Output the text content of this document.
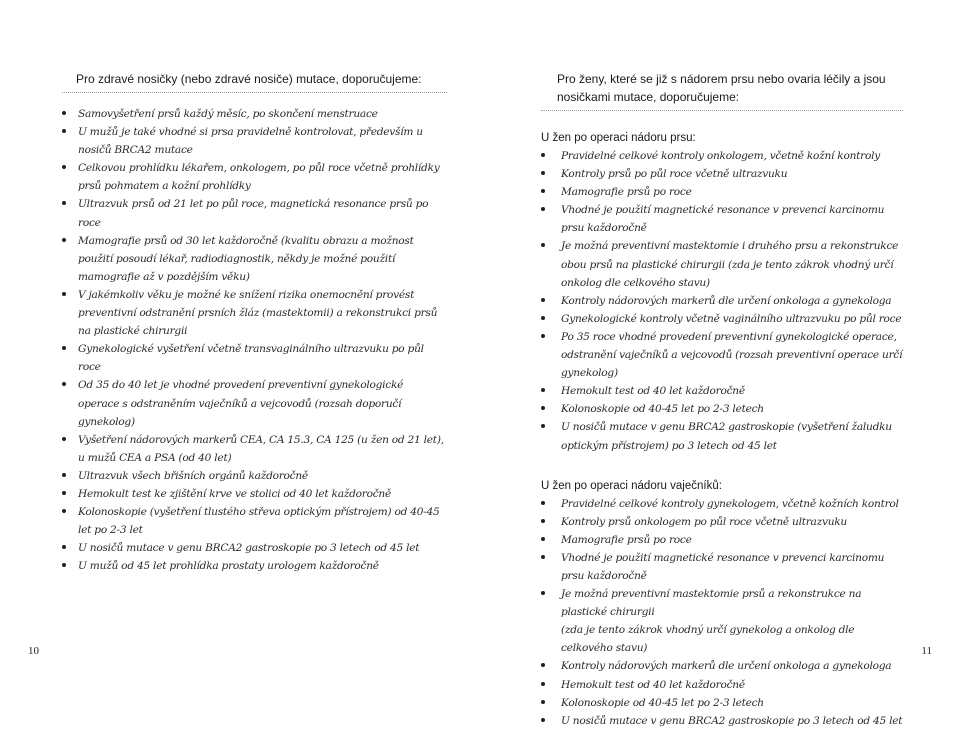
Pro zdravé nosičky (nebo zdravé nosiče) mutace, doporučujeme:
Samovyšetření prsů každý měsíc, po skončení menstruace
U mužů je také vhodné si prsa pravidelně kontrolovat, především u nosičů BRCA2 mutace
Celkovou prohlídku lékařem, onkologem, po půl roce včetně prohlídky prsů pohmatem a kožní prohlídky
Ultrazvuk prsů od 21 let po půl roce, magnetická resonance prsů po roce
Mamografie prsů od 30 let každoročně (kvalitu obrazu a možnost použití posoudí lékař, radiodiagnostik, někdy je možné použití mamografie až v pozdějším věku)
V jakémkoliv věku je možné ke snížení rizika onemocnění provést preventivní odstranění prsních žláz (mastektomii) a rekonstrukci prsů na plastické chirurgii
Gynekologické vyšetření včetně transvaginálního ultrazvuku po půl roce
Od 35 do 40 let je vhodné provedení preventivní gynekologické operace s odstraněním vaječníků a vejcovodů (rozsah doporučí gynekolog)
Vyšetření nádorových markerů CEA, CA 15.3, CA 125 (u žen od 21 let), u mužů CEA a PSA (od 40 let)
Ultrazvuk všech břišních orgánů každoročně
Hemokult test ke zjištění krve ve stolici od 40 let každoročně
Kolonoskopie (vyšetření tlustého střeva optickým přístrojem) od 40-45 let po 2-3 let
U nosičů mutace v genu BRCA2 gastroskopie po 3 letech od 45 let
U mužů od 45 let prohlídka prostaty urologem každoročně
Pro ženy, které se již s nádorem prsu nebo ovaria léčily a jsou nosičkami mutace, doporučujeme:
U žen po operaci nádoru prsu:
Pravidelné celkové kontroly onkologem, včetně kožní kontroly
Kontroly prsů po půl roce včetně ultrazvuku
Mamografie prsů po roce
Vhodné je použití magnetické resonance v prevenci karcinomu prsu každoročně
Je možná preventivní mastektomie i druhého prsu a rekonstrukce obou prsů na plastické chirurgii (zda je tento zákrok vhodný určí onkolog dle celkového stavu)
Kontroly nádorových markerů dle určení onkologa a gynekologa
Gynekologické kontroly včetně vaginálního ultrazvuku po půl roce
Po 35 roce vhodné provedení preventivní gynekologické operace, odstranění vaječníků a vejcovodů (rozsah preventivní operace určí gynekolog)
Hemokult test od 40 let každoročně
Kolonoskopie od 40-45 let po 2-3 letech
U nosičů mutace v genu BRCA2 gastroskopie (vyšetření žaludku optickým přístrojem) po 3 letech od 45 let
U žen po operaci nádoru vaječníků:
Pravidelné celkové kontroly gynekologem, včetně kožních kontrol
Kontroly prsů onkologem po půl roce včetně ultrazvuku
Mamografie prsů po roce
Vhodné je použití magnetické resonance v prevenci karcinomu prsu každoročně
Je možná preventivní mastektomie prsů a rekonstrukce na plastické chirurgii
(zda je tento zákrok vhodný určí gynekolog a onkolog dle celkového stavu)
Kontroly nádorových markerů dle určení onkologa a gynekologa
Hemokult test od 40 let každoročně
Kolonoskopie od 40-45 let po 2-3 letech
U nosičů mutace v genu BRCA2 gastroskopie po 3 letech od 45 let
10	11
